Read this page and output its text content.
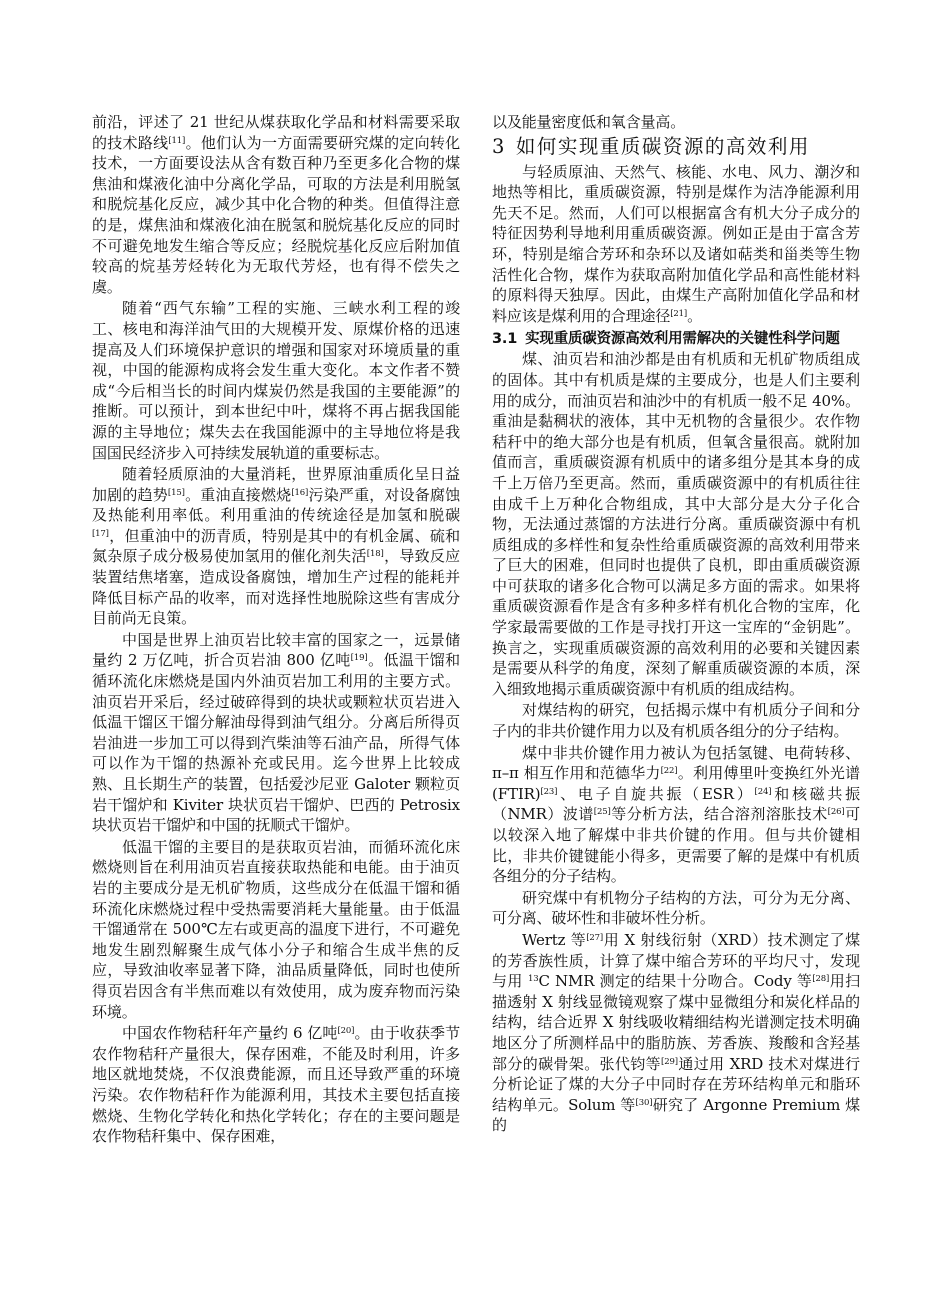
前沿，评述了 21 世纪从煤获取化学品和材料需要采取的技术路线[11]。他们认为一方面需要研究煤的定向转化技术，一方面要设法从含有数百种乃至更多化合物的煤焦油和煤液化油中分离化学品，可取的方法是利用脱氢和脱烷基化反应，减少其中化合物的种类。但值得注意的是，煤焦油和煤液化油在脱氢和脱烷基化反应的同时不可避免地发生缩合等反应；经脱烷基化反应后附加值较高的烷基芳烃转化为无取代芳烃，也有得不偿失之虞。

随着“西气东输”工程的实施、三峡水利工程的竣工、核电和海洋油气田的大规模开发、原煤价格的迅速提高及人们环境保护意识的增强和国家对环境质量的重视，中国的能源构成将会发生重大变化。本文作者不赞成“今后相当长的时间内煤炭仍然是我国的主要能源”的推断。可以预计，到本世纪中叶，煤将不再占据我国能源的主导地位；煤失去在我国能源中的主导地位将是我国国民经济步入可持续发展轨道的重要标志。

随着轻质原油的大量消耗，世界原油重质化呈日益加剧的趋势[15]。重油直接燃烧[16]污染严重，对设备腐蚀及热能利用率低。利用重油的传统途径是加氢和脱碳[17]，但重油中的沥青质，特别是其中的有机金属、硫和氮杂原子成分极易使加氢用的催化剂失活[18]，导致反应装置结焦堵塞，造成设备腐蚀，增加生产过程的能耗并降低目标产品的收率，而对选择性地脱除这些有害成分目前尚无良策。

中国是世界上油页岩比较丰富的国家之一，远景储量约 2 万亿吨，折合页岩油 800 亿吨[19]。低温干馏和循环流化床燃烧是国内外油页岩加工利用的主要方式。油页岩开采后，经过破碎得到的块状或颗粒状页岩进入低温干馏区干馏分解油母得到油气组分。分离后所得页岩油进一步加工可以得到汽柴油等石油产品，所得气体可以作为干馏的热源补充或民用。迄今世界上比较成熟、且长期生产的装置，包括爱沙尼亚 Galoter 颗粒页岩干馏炉和 Kiviter 块状页岩干馏炉、巴西的 Petrosix 块状页岩干馏炉和中国的抚顺式干馏炉。

低温干馏的主要目的是获取页岩油，而循环流化床燃烧则旨在利用油页岩直接获取热能和电能。由于油页岩的主要成分是无机矿物质，这些成分在低温干馏和循环流化床燃烧过程中受热需要消耗大量能量。由于低温干馏通常在 500℃左右或更高的温度下进行，不可避免地发生剧烈解聚生成气体小分子和缩合生成半焦的反应，导致油收率显著下降，油品质量降低，同时也使所得页岩因含有半焦而难以有效使用，成为废弃物而污染环境。

中国农作物秸秆年产量约 6 亿吨[20]。由于收获季节农作物秸秆产量很大，保存困难，不能及时利用，许多地区就地焚烧，不仅浪费能源，而且还导致严重的环境污染。农作物秸秆作为能源利用，其技术主要包括直接燃烧、生物化学转化和热化学转化；存在的主要问题是农作物秸秆集中、保存困难，

以及能量密度低和氧含量高。

3 如何实现重质碳资源的高效利用

与轻质原油、天然气、核能、水电、风力、潮汐和地热等相比，重质碳资源，特别是煤作为洁净能源利用先天不足。然而，人们可以根据富含有机大分子成分的特征因势利导地利用重质碳资源。例如正是由于富含芳环，特别是缩合芳环和杂环以及诸如萜类和甾类等生物活性化合物，煤作为获取高附加值化学品和高性能材料的原料得天独厚。因此，由煤生产高附加值化学品和材料应该是煤利用的合理途径[21]。

3.1 实现重质碳资源高效利用需解决的关键性科学问题

煤、油页岩和油沙都是由有机质和无机矿物质组成的固体。其中有机质是煤的主要成分，也是人们主要利用的成分，而油页岩和油沙中的有机质一般不足 40%。重油是黏稠状的液体，其中无机物的含量很少。农作物秸秆中的绝大部分也是有机质，但氧含量很高。就附加值而言，重质碳资源有机质中的诸多组分是其本身的成千上万倍乃至更高。然而，重质碳资源中的有机质往往由成千上万种化合物组成，其中大部分是大分子化合物，无法通过蒸馏的方法进行分离。重质碳资源中有机质组成的多样性和复杂性给重质碳资源的高效利用带来了巨大的困难，但同时也提供了良机，即由重质碳资源中可获取的诸多化合物可以满足多方面的需求。如果将重质碳资源看作是含有多种多样有机化合物的宝库，化学家最需要做的工作是寻找打开这一宝库的“金钥匙”。换言之，实现重质碳资源的高效利用的必要和关键因素是需要从科学的角度，深刻了解重质碳资源的本质，深入细致地揭示重质碳资源中有机质的组成结构。

对煤结构的研究，包括揭示煤中有机质分子间和分子内的非共价键作用力以及有机质各组分的分子结构。

煤中非共价键作用力被认为包括氢键、电荷转移、π–π 相互作用和范德华力[22]。利用傅里叶变换红外光谱(FTIR)[23]、电子自旋共振（ESR）[24]和核磁共振（NMR）波谱[25]等分析方法，结合溶剂溶胀技术[26]可以较深入地了解煤中非共价键的作用。但与共价键相比，非共价键键能小得多，更需要了解的是煤中有机质各组分的分子结构。

研究煤中有机物分子结构的方法，可分为无分离、可分离、破坏性和非破坏性分析。

Wertz 等[27]用 X 射线衍射（XRD）技术测定了煤的芳香族性质，计算了煤中缩合芳环的平均尺寸，发现与用 $^{13}$C NMR 测定的结果十分吻合。Cody 等[28]用扫描透射 X 射线显微镜观察了煤中显微组分和炭化样品的结构，结合近界 X 射线吸收精细结构光谱测定技术明确地区分了所测样品中的脂肪族、芳香族、羧酸和含羟基部分的碳骨架。张代钧等[29]通过用 XRD 技术对煤进行分析论证了煤的大分子中同时存在芳环结构单元和脂环结构单元。Solum 等[30]研究了 Argonne Premium 煤的
